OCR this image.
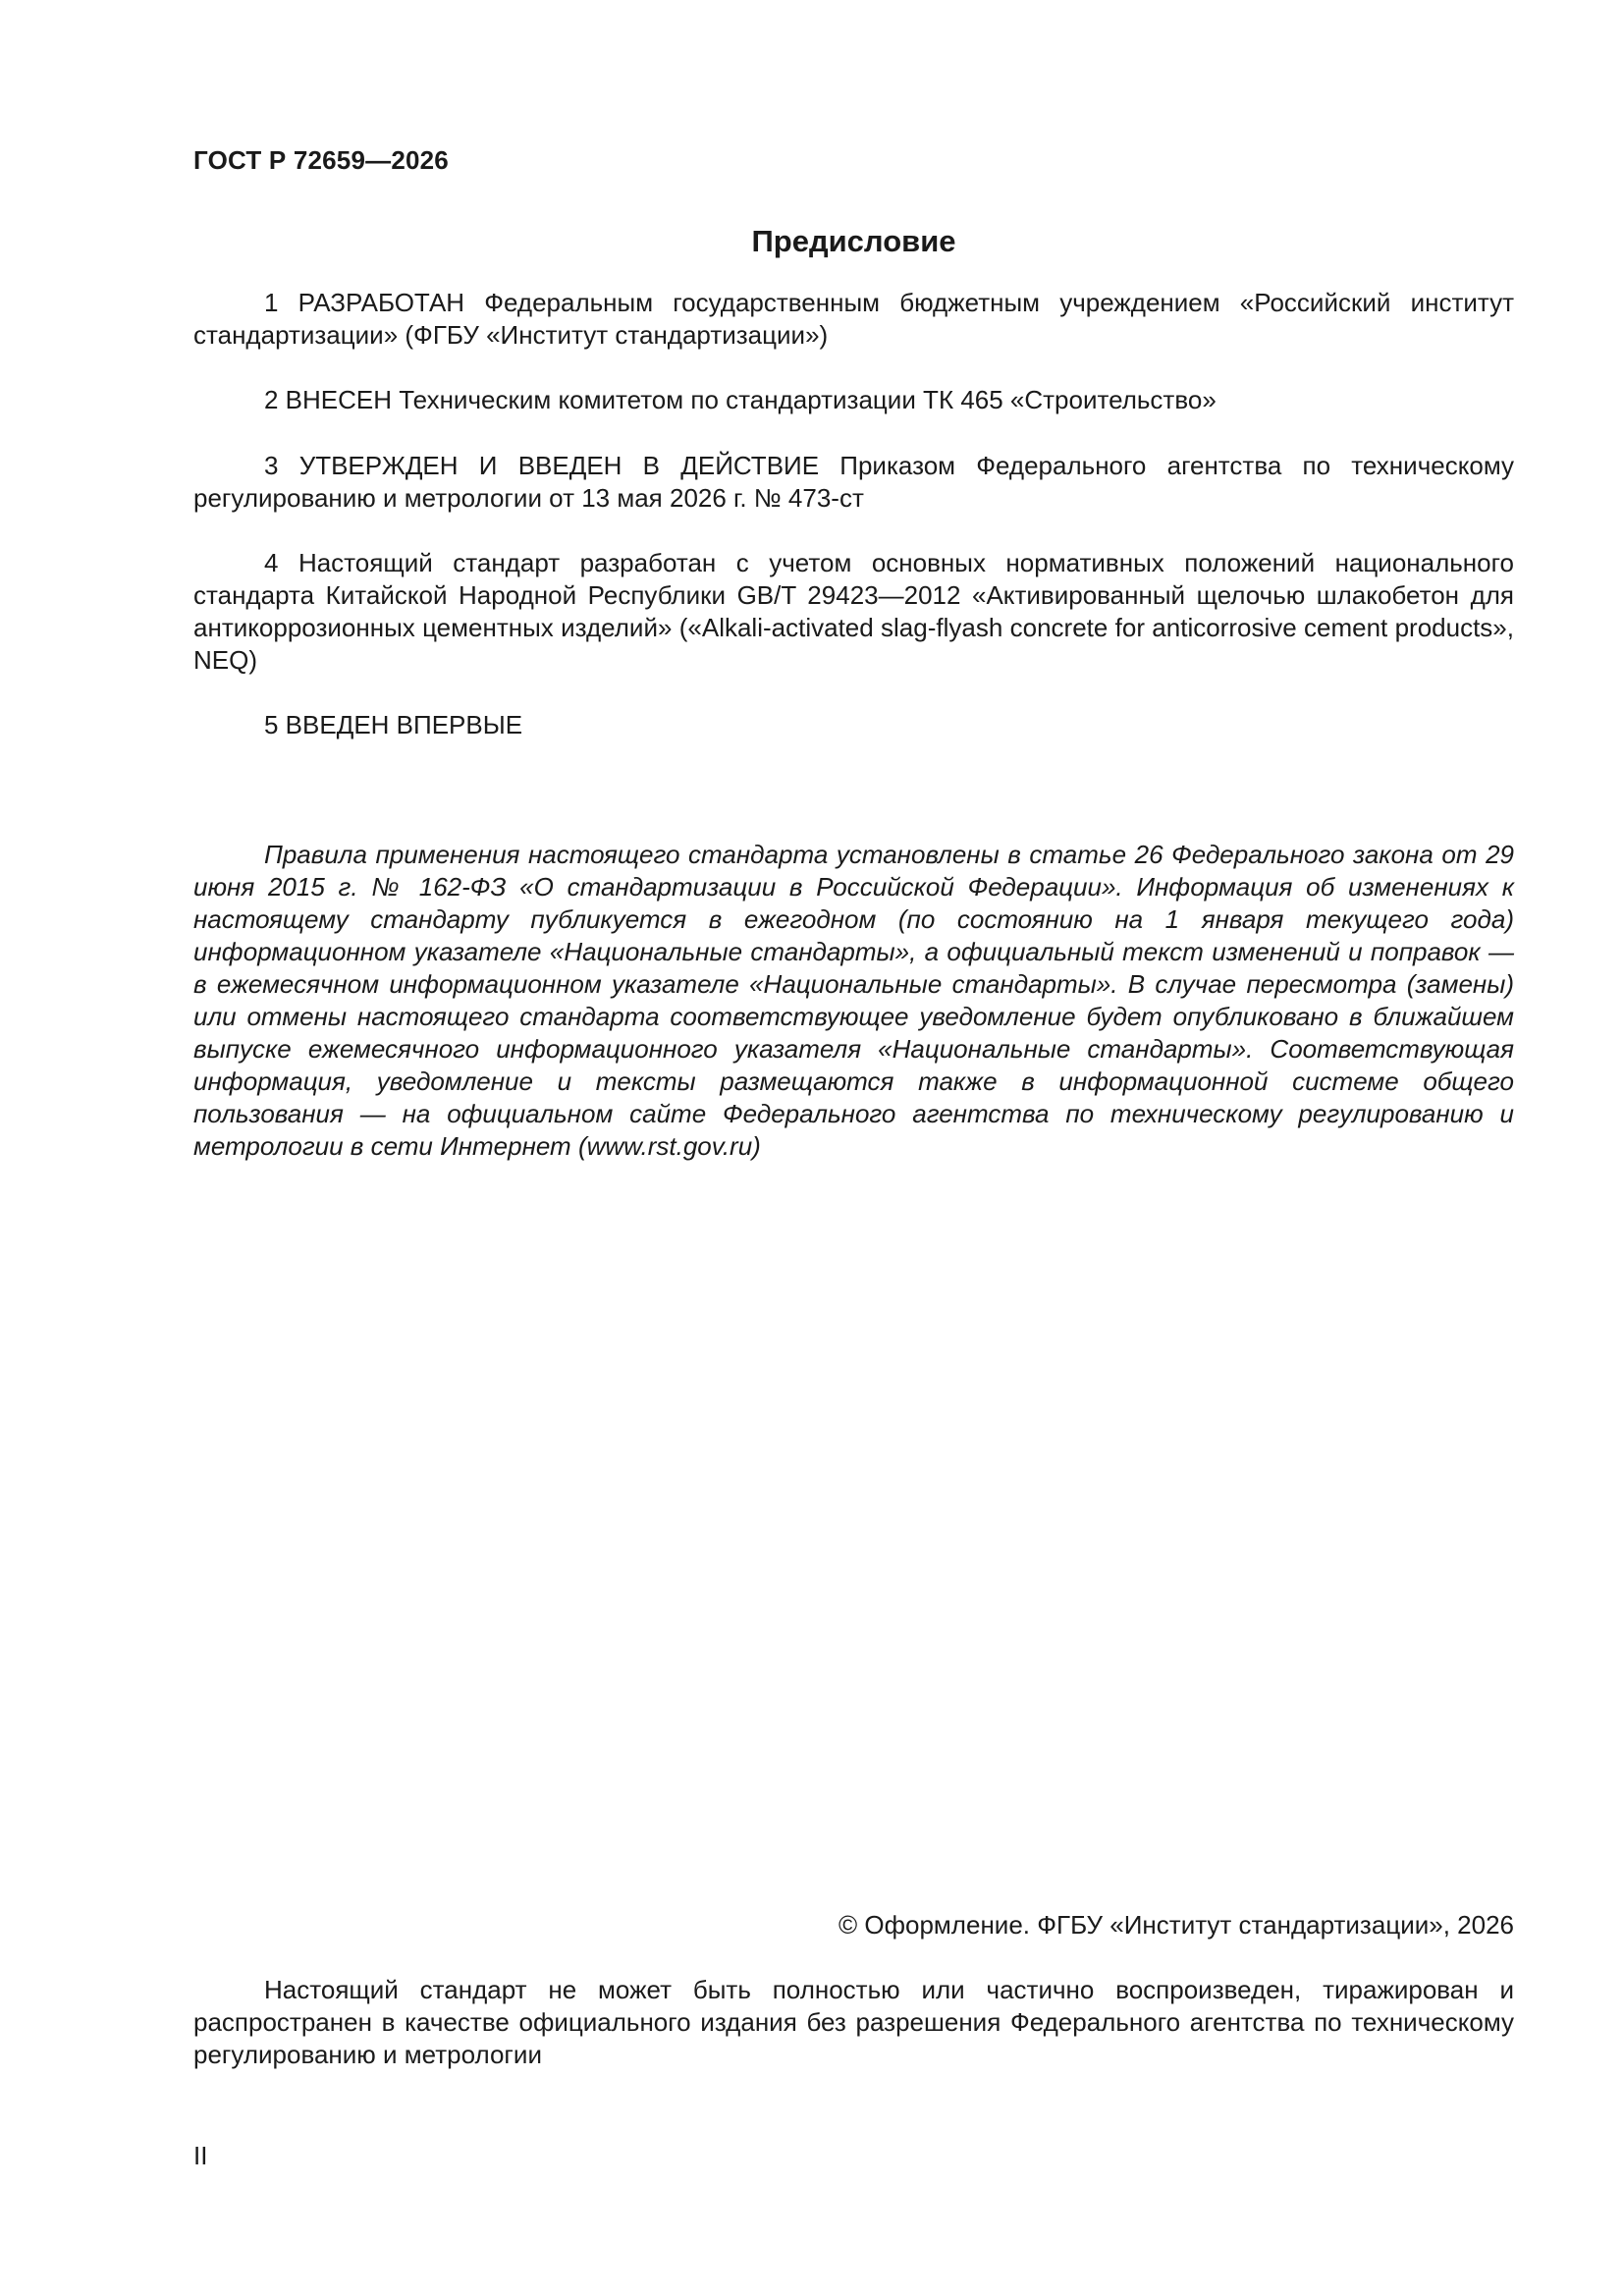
ГОСТ Р 72659—2026
Предисловие

1 РАЗРАБОТАН Федеральным государственным бюджетным учреждением «Российский институт стандартизации» (ФГБУ «Институт стандартизации»)

2 ВНЕСЕН Техническим комитетом по стандартизации ТК 465 «Строительство»

3 УТВЕРЖДЕН И ВВЕДЕН В ДЕЙСТВИЕ Приказом Федерального агентства по техническому регулированию и метрологии от 13 мая 2026 г. № 473-ст

4 Настоящий стандарт разработан с учетом основных нормативных положений национального стандарта Китайской Народной Республики GB/T 29423—2012 «Активированный щелочью шлакобетон для антикоррозионных цементных изделий» («Alkali-activated slag-flyash concrete for anticorrosive cement products», NEQ)

5 ВВЕДЕН ВПЕРВЫЕ

Правила применения настоящего стандарта установлены в статье 26 Федерального закона от 29 июня 2015 г. № 162-ФЗ «О стандартизации в Российской Федерации». Информация об изменениях к настоящему стандарту публикуется в ежегодном (по состоянию на 1 января текущего года) информационном указателе «Национальные стандарты», а официальный текст изменений и поправок — в ежемесячном информационном указателе «Национальные стандарты». В случае пересмотра (замены) или отмены настоящего стандарта соответствующее уведомление будет опубликовано в ближайшем выпуске ежемесячного информационного указателя «Национальные стандарты». Соответствующая информация, уведомление и тексты размещаются также в информационной системе общего пользования — на официальном сайте Федерального агентства по техническому регулированию и метрологии в сети Интернет (www.rst.gov.ru)

© Оформление. ФГБУ «Институт стандартизации», 2026

Настоящий стандарт не может быть полностью или частично воспроизведен, тиражирован и распространен в качестве официального издания без разрешения Федерального агентства по техническому регулированию и метрологии

II
